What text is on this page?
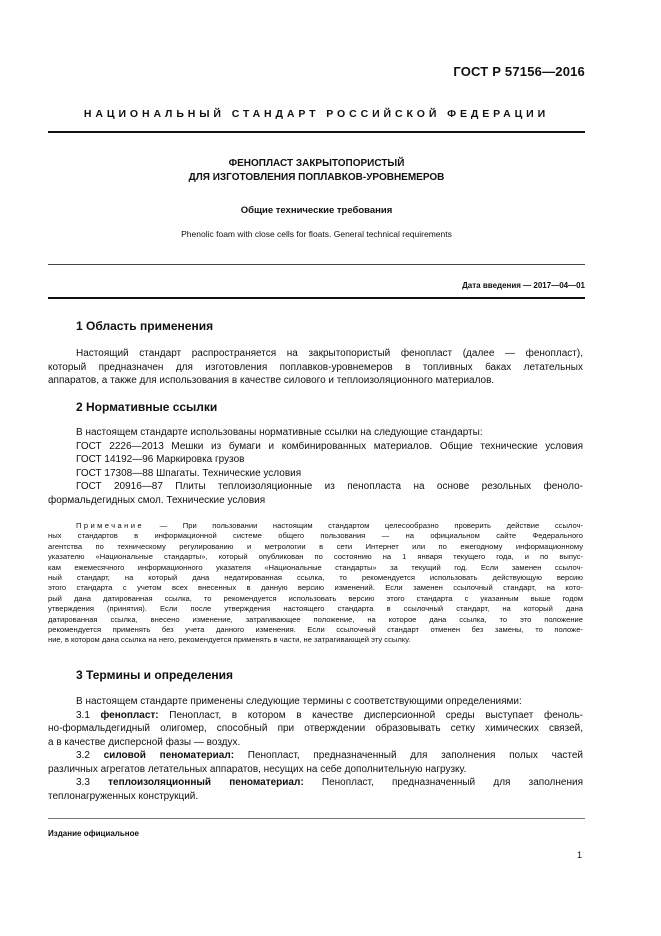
ГОСТ Р 57156—2016
НАЦИОНАЛЬНЫЙ СТАНДАРТ РОССИЙСКОЙ ФЕДЕРАЦИИ
ФЕНОПЛАСТ ЗАКРЫТОПОРИСТЫЙ
ДЛЯ ИЗГОТОВЛЕНИЯ ПОПЛАВКОВ-УРОВНЕМЕРОВ
Общие технические требования
Phenolic foam with close cells for floats. General technical requirements
Дата введения — 2017—04—01
1 Область применения
Настоящий стандарт распространяется на закрытопористый фенопласт (далее — фенопласт),
который предназначен для изготовления поплавков-уровнемеров в топливных баках летательных
аппаратов, а также для использования в качестве силового и теплоизоляционного материалов.
2 Нормативные ссылки
В настоящем стандарте использованы нормативные ссылки на следующие стандарты:
ГОСТ 2226—2013 Мешки из бумаги и комбинированных материалов. Общие технические условия
ГОСТ 14192—96 Маркировка грузов
ГОСТ 17308—88 Шпагаты. Технические условия
ГОСТ 20916—87 Плиты теплоизоляционные из пенопласта на основе резольных феноло-
формальдегидных смол. Технические условия
Примечание — При пользовании настоящим стандартом целесообразно проверить действие ссылоч-
ных стандартов в информационной системе общего пользования — на официальном сайте Федерального
агентства по техническому регулированию и метрологии в сети Интернет или по ежегодному информационному
указателю «Национальные стандарты», который опубликован по состоянию на 1 января текущего года, и по выпус-
кам ежемесячного информационного указателя «Национальные стандарты» за текущий год. Если заменен ссылоч-
ный стандарт, на который дана недатированная ссылка, то рекомендуется использовать действующую версию
этого стандарта с учетом всех внесенных в данную версию изменений. Если заменен ссылочный стандарт, на кото-
рый дана датированная ссылка, то рекомендуется использовать версию этого стандарта с указанным выше годом
утверждения (принятия). Если после утверждения настоящего стандарта в ссылочный стандарт, на который дана
датированная ссылка, внесено изменение, затрагивающее положение, на которое дана ссылка, то это положение
рекомендуется применять без учета данного изменения. Если ссылочный стандарт отменен без замены, то положе-
ние, в котором дана ссылка на него, рекомендуется применять в части, не затрагивающей эту ссылку.
3 Термины и определения
В настоящем стандарте применены следующие термины с соответствующими определениями:
3.1 фенопласт: Пенопласт, в котором в качестве дисперсионной среды выступает феноль-
но-формальдегидный олигомер, способный при отверждении образовывать сетку химических связей,
а в качестве дисперсной фазы — воздух.
3.2 силовой пеноматериал: Пенопласт, предназначенный для заполнения полых частей
различных агрегатов летательных аппаратов, несущих на себе дополнительную нагрузку.
3.3 теплоизоляционный пеноматериал: Пенопласт, предназначенный для заполнения
теплонагруженных конструкций.
Издание официальное
1
